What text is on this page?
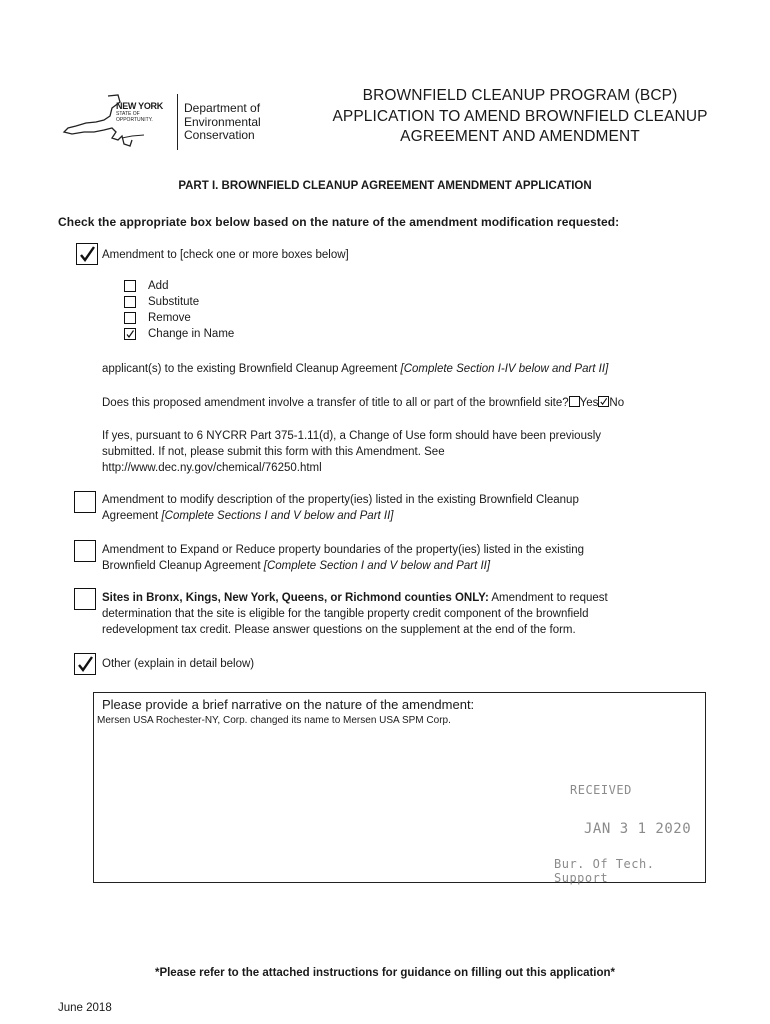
NEW YORK
STATE OF
OPPORTUNITY.
Department of
Environmental
Conservation
BROWNFIELD CLEANUP PROGRAM (BCP)
APPLICATION TO AMEND BROWNFIELD CLEANUP
AGREEMENT AND AMENDMENT
PART I. BROWNFIELD CLEANUP AGREEMENT AMENDMENT APPLICATION
Check the appropriate box below based on the nature of the amendment modification requested:
Amendment to [check one or more boxes below]
Add
Substitute
Remove
Change in Name
applicant(s) to the existing Brownfield Cleanup Agreement [Complete Section I-IV below and Part II]
Does this proposed amendment involve a transfer of title to all or part of the brownfield site? Yes No
If yes, pursuant to 6 NYCRR Part 375-1.11(d), a Change of Use form should have been previously
submitted. If not, please submit this form with this Amendment. See
http://www.dec.ny.gov/chemical/76250.html
Amendment to modify description of the property(ies) listed in the existing Brownfield Cleanup
Agreement [Complete Sections I and V below and Part II]
Amendment to Expand or Reduce property boundaries of the property(ies) listed in the existing
Brownfield Cleanup Agreement [Complete Section I and V below and Part II]
Sites in Bronx, Kings, New York, Queens, or Richmond counties ONLY: Amendment to request
determination that the site is eligible for the tangible property credit component of the brownfield
redevelopment tax credit. Please answer questions on the supplement at the end of the form.
Other (explain in detail below)
Please provide a brief narrative on the nature of the amendment:
Mersen USA Rochester-NY, Corp. changed its name to Mersen USA SPM Corp.
RECEIVED
JAN 3 1 2020
Bur. Of Tech. Support
*Please refer to the attached instructions for guidance on filling out this application*
June 2018
